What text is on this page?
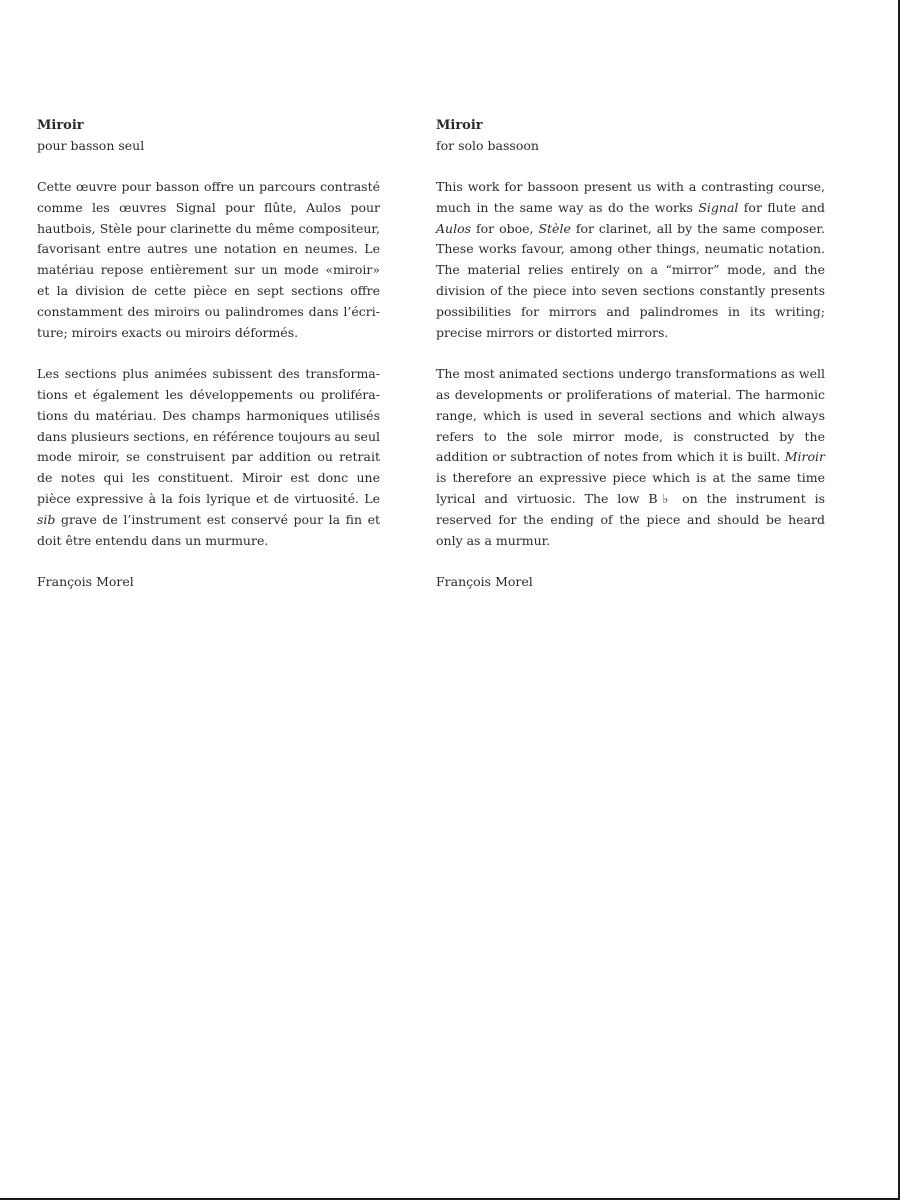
Miroir

pour basson seul

Cette œuvre pour basson offre un parcours contrasté comme les œuvres Signal pour flûte, Aulos pour hautbois, Stèle pour clarinette du même compositeur, favorisant entre autres une notation en neumes. Le matériau repose entièrement sur un mode «miroir» et la division de cette pièce en sept sections offre constamment des miroirs ou palindromes dans l’écriture; miroirs exacts ou miroirs déformés.

Les sections plus animées subissent des transformations et également les développements ou proliférations du matériau. Des champs harmoniques utilisés dans plusieurs sections, en référence toujours au seul mode miroir, se construisent par addition ou retrait de notes qui les constituent. Miroir est donc une pièce expressive à la fois lyrique et de virtuosité. Le sib grave de l’instrument est conservé pour la fin et doit être entendu dans un murmure.

François Morel

Miroir

for solo bassoon

This work for bassoon present us with a contrasting course, much in the same way as do the works Signal for flute and Aulos for oboe, Stèle for clarinet, all by the same composer. These works favour, among other things, neumatic notation. The material relies entirely on a “mirror” mode, and the division of the piece into seven sections constantly presents possibilities for mirrors and palindromes in its writing; precise mirrors or distorted mirrors.

The most animated sections undergo transformations as well as developments or proliferations of material. The harmonic range, which is used in several sections and which always refers to the sole mirror mode, is constructed by the addition or subtraction of notes from which it is built. Miroir is therefore an expressive piece which is at the same time lyrical and virtuosic. The low B♭ on the instrument is reserved for the ending of the piece and should be heard only as a murmur.

François Morel
